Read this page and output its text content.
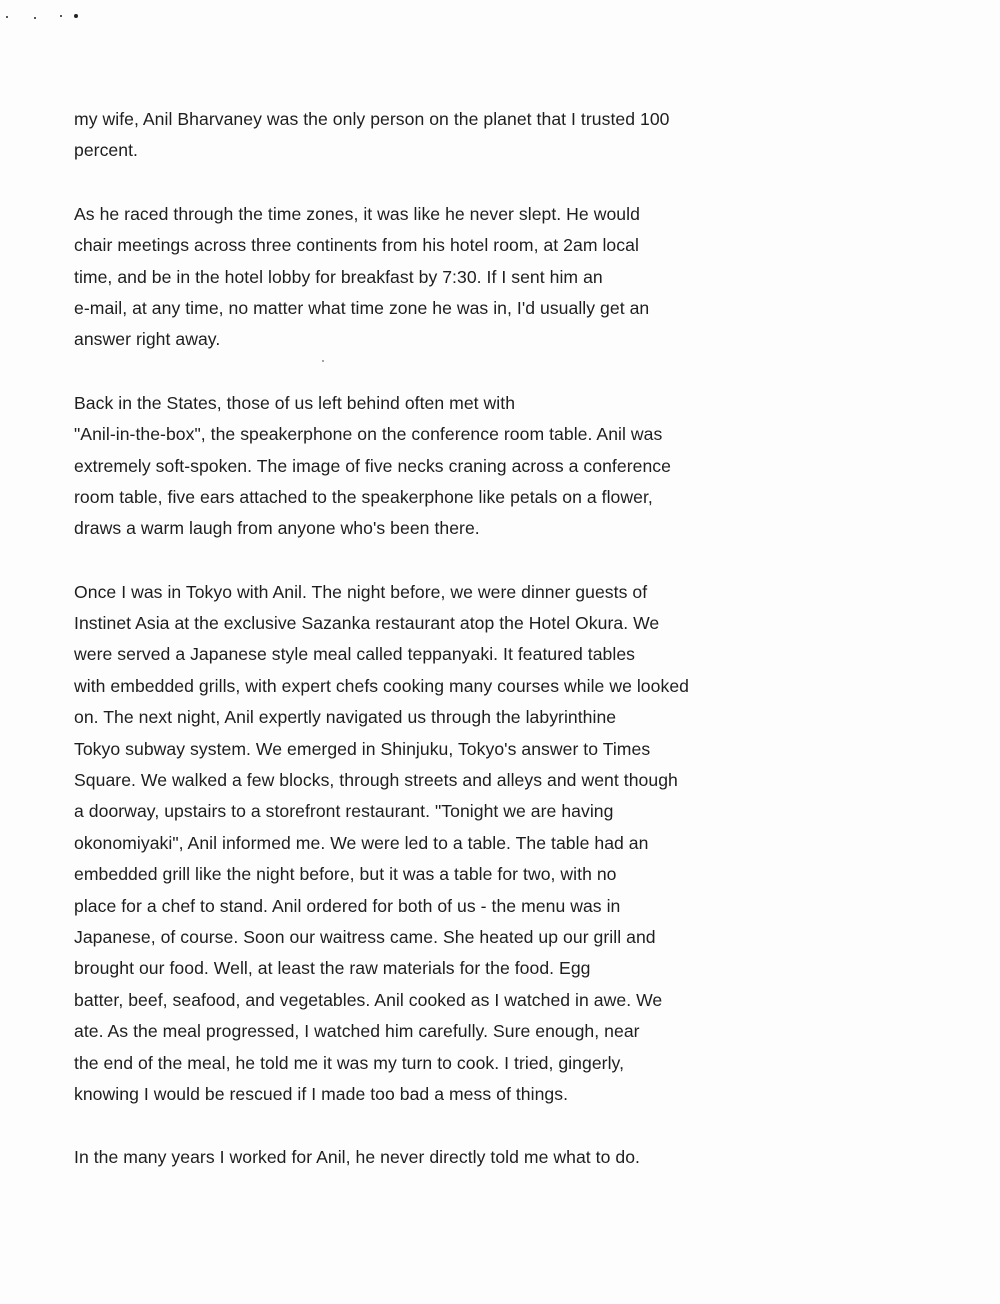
my wife, Anil Bharvaney was the only person on the planet that I trusted 100
percent.
As he raced through the time zones, it was like he never slept. He would
chair meetings across three continents from his hotel room, at 2am local
time, and be in the hotel lobby for breakfast by 7:30. If I sent him an
e-mail, at any time, no matter what time zone he was in, I'd usually get an
answer right away.
Back in the States, those of us left behind often met with
"Anil-in-the-box", the speakerphone on the conference room table. Anil was
extremely soft-spoken. The image of five necks craning across a conference
room table, five ears attached to the speakerphone like petals on a flower,
draws a warm laugh from anyone who's been there.
Once I was in Tokyo with Anil. The night before, we were dinner guests of
Instinet Asia at the exclusive Sazanka restaurant atop the Hotel Okura. We
were served a Japanese style meal called teppanyaki. It featured tables
with embedded grills, with expert chefs cooking many courses while we looked
on. The next night, Anil expertly navigated us through the labyrinthine
Tokyo subway system. We emerged in Shinjuku, Tokyo's answer to Times
Square. We walked a few blocks, through streets and alleys and went though
a doorway, upstairs to a storefront restaurant. "Tonight we are having
okonomiyaki", Anil informed me. We were led to a table. The table had an
embedded grill like the night before, but it was a table for two, with no
place for a chef to stand. Anil ordered for both of us - the menu was in
Japanese, of course. Soon our waitress came. She heated up our grill and
brought our food. Well, at least the raw materials for the food. Egg
batter, beef, seafood, and vegetables. Anil cooked as I watched in awe. We
ate. As the meal progressed, I watched him carefully. Sure enough, near
the end of the meal, he told me it was my turn to cook. I tried, gingerly,
knowing I would be rescued if I made too bad a mess of things.
In the many years I worked for Anil, he never directly told me what to do.
